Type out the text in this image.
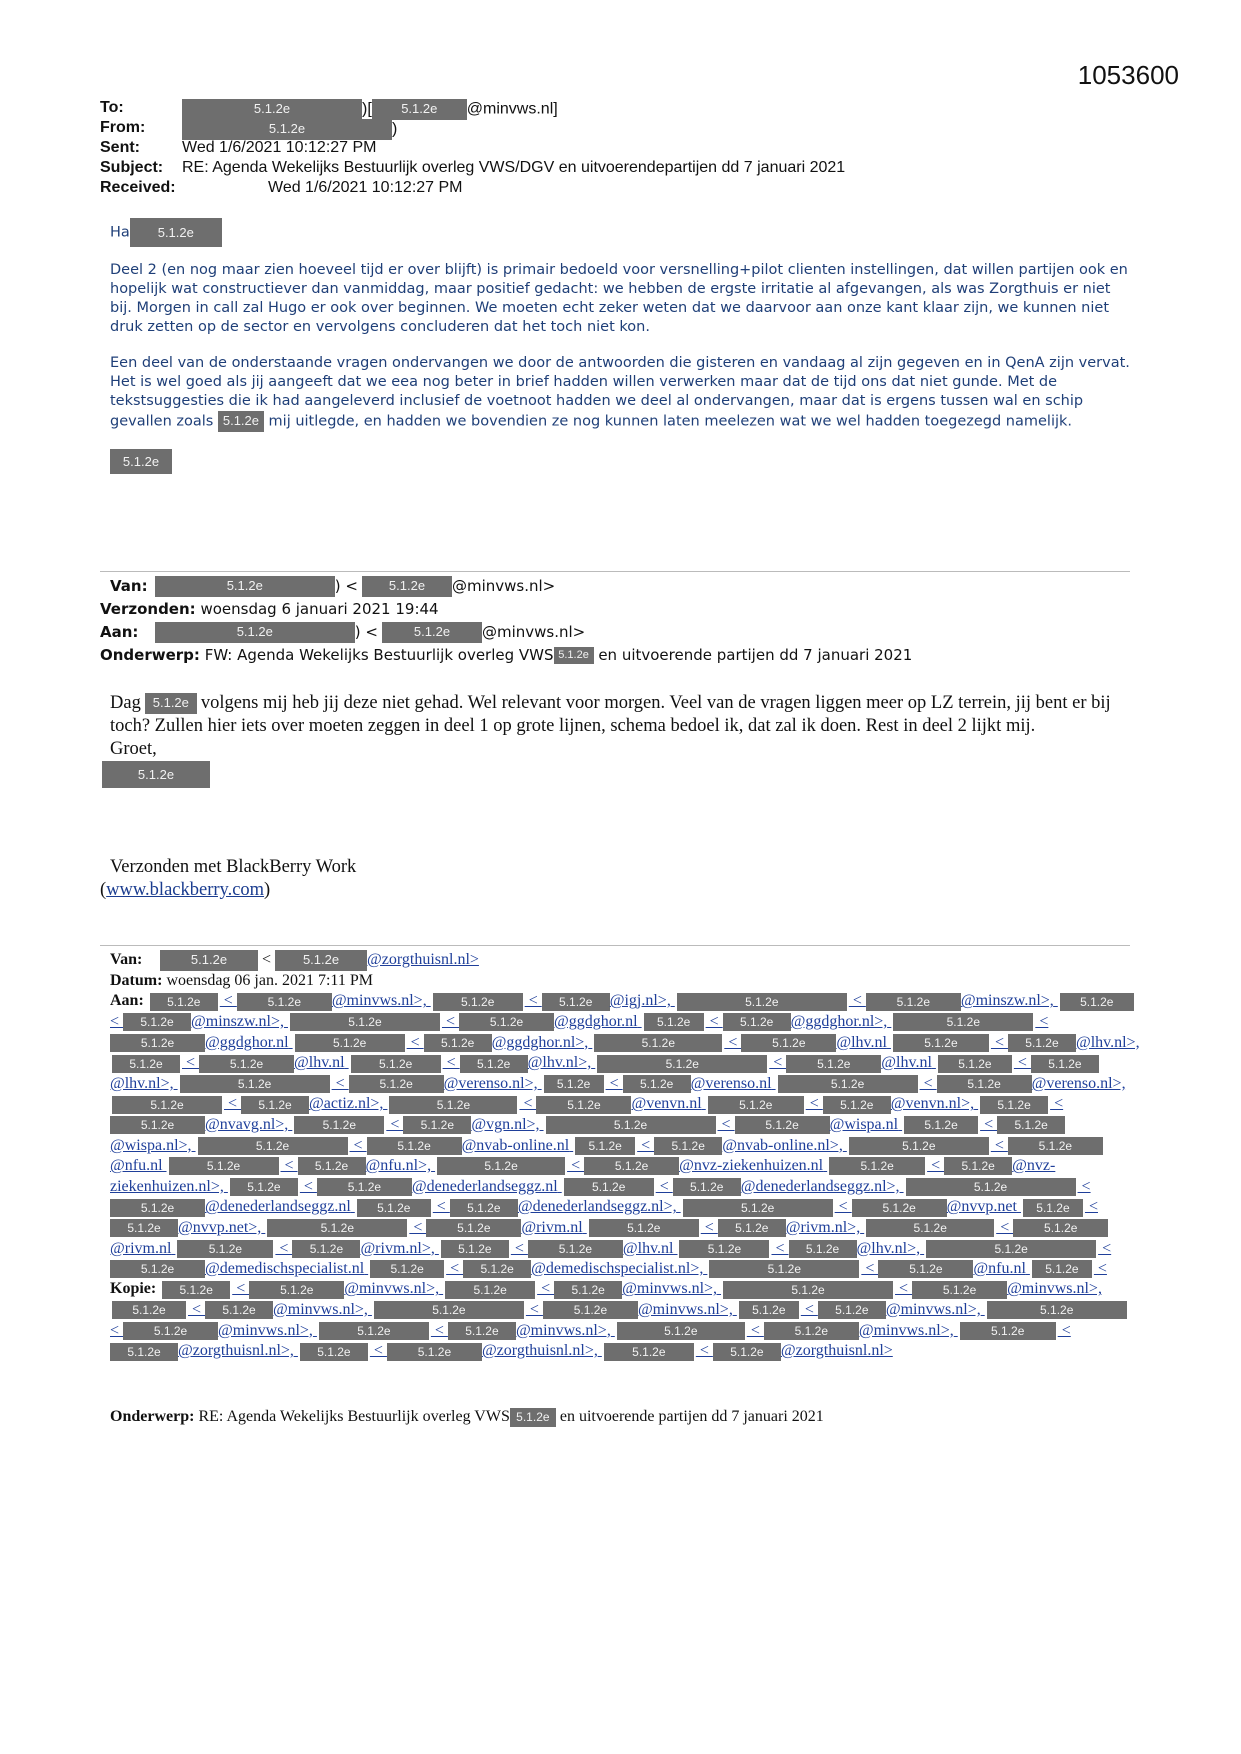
1053600
To:	5.1.2e	)[ 5.1.2e @minvws.nl]
From:	5.1.2e	)
Sent:	Wed 1/6/2021 10:12:27 PM
Subject: RE: Agenda Wekelijks Bestuurlijk overleg VWS/DGV en uitvoerendepartijen dd 7 januari 2021
Received:	Wed 1/6/2021 10:12:27 PM

Ha 5.1.2e

Deel 2 (en nog maar zien hoeveel tijd er over blijft) is primair bedoeld voor versnelling+pilot clienten instellingen, dat willen partijen ook en hopelijk wat constructiever dan vanmiddag, maar positief gedacht: we hebben de ergste irritatie al afgevangen, als was Zorgthuis er niet bij. Morgen in call zal Hugo er ook over beginnen. We moeten echt zeker weten dat we daarvoor aan onze kant klaar zijn, we kunnen niet druk zetten op de sector en vervolgens concluderen dat het toch niet kon.

Een deel van de onderstaande vragen ondervangen we door de antwoorden die gisteren en vandaag al zijn gegeven en in QenA zijn vervat.

Het is wel goed als jij aangeeft dat we eea nog beter in brief hadden willen verwerken maar dat de tijd ons dat niet gunde. Met de tekstsuggesties die ik had aangeleverd inclusief de voetnoot hadden we deel al ondervangen, maar dat is ergens tussen wal en schip gevallen zoals 5.1.2e mij uitlegde, en hadden we bovendien ze nog kunnen laten meelezen wat we wel hadden toegezegd namelijk.

5.1.2e

Van:	5.1.2e	) < 5.1.2e @minvws.nl>
Verzonden: woensdag 6 januari 2021 19:44
Aan:	5.1.2e	) <	5.1.2e @minvws.nl>
Onderwerp: FW: Agenda Wekelijks Bestuurlijk overleg VWS 5.1.2e en uitvoerende partijen dd 7 januari 2021

Dag 5.1.2e volgens mij heb jij deze niet gehad. Wel relevant voor morgen. Veel van de vragen liggen meer op LZ terrein, jij bent er bij toch? Zullen hier iets over moeten zeggen in deel 1 op grote lijnen, schema bedoel ik, dat zal ik doen. Rest in deel 2 lijkt mij.

Groet,

5.1.2e

Verzonden met BlackBerry Work
(www.blackberry.com)
Van:	5.1.2e < 5.1.2e @zorgthuisnl.nl>
Datum: woensdag 06 jan. 2021 7:11 PM
Aan: 5.1.2e <	5.1.2e @minvws.nl>,	5.1.2e < 5.1.2e @igj.nl>,	5.1.2e	<	5.1.2e @minszw.nl>, 5.1.2e < 5.1.2e @minszw.nl>,	5.1.2e	<	5.1.2e @ggdghor.nl 5.1.2e < 5.1.2e @ggdghor.nl>,	5.1.2e	< 5.1.2e @ggdghor.nl	5.1.2e	< 5.1.2e @ggdghor.nl>,	5.1.2e	<	5.1.2e @lhv.nl	5.1.2e < 5.1.2e @lhv.nl>, 5.1.2e <	5.1.2e @lhv.nl	5.1.2e < 5.1.2e @lhv.nl>,	5.1.2e	<	5.1.2e @lhv.nl 5.1.2e < 5.1.2e@lhv.nl>,	5.1.2e	<	5.1.2e @verenso.nl>, 5.1.2e < 5.1.2e @verenso.nl	5.1.2e	<	5.1.2e @verenso.nl>, 5.1.2e	< 5.1.2e @actiz.nl>,	5.1.2e	<	5.1.2e @venvn.nl	5.1.2e < 5.1.2e @venvn.nl>, 5.1.2e < 5.1.2e @nvavg.nl>,	5.1.2e < 5.1.2e @vgn.nl>,	5.1.2e	<	5.1.2e @wispa.nl 5.1.2e < 5.1.2e@wispa.nl>,	5.1.2e	<	5.1.2e @nvab-online.nl 5.1.2e < 5.1.2e @nvab-online.nl>,	5.1.2e	<	5.1.2e@nfu.nl	5.1.2e	< 5.1.2e @nfu.nl>,	5.1.2e	<	5.1.2e @nvz-ziekenhuizen.nl	5.1.2e < 5.1.2e @nvz-ziekenhuizen.nl>, 5.1.2e <	5.1.2e @denederlandseggz.nl	5.1.2e < 5.1.2e @denederlandseggz.nl>,	5.1.2e	< 5.1.2e @denederlandseggz.nl 5.1.2e < 5.1.2e @denederlandseggz.nl>,	5.1.2e	<	5.1.2e @nvvp.net 5.1.2e < 5.1.2e @nvvp.net>,	5.1.2e	<	5.1.2e @rivm.nl	5.1.2e	< 5.1.2e @rivm.nl>,	5.1.2e	<	5.1.2e@rivm.nl	5.1.2e < 5.1.2e @rivm.nl>, 5.1.2e <	5.1.2e @lhv.nl	5.1.2e < 5.1.2e @lhv.nl>,	5.1.2e	< 5.1.2e @demedischspecialist.nl 5.1.2e < 5.1.2e @demedischspecialist.nl>,	5.1.2e	<	5.1.2e @nfu.nl 5.1.2e <
Kopie: 5.1.2e <	5.1.2e @minvws.nl>,	5.1.2e < 5.1.2e @minvws.nl>,	5.1.2e	<	5.1.2e @minvws.nl>, 5.1.2e < 5.1.2e @minvws.nl>,	5.1.2e	<	5.1.2e @minvws.nl>, 5.1.2e < 5.1.2e @minvws.nl>,	5.1.2e <	5.1.2e @minvws.nl>,	5.1.2e	< 5.1.2e @minvws.nl>,	5.1.2e	<	5.1.2e @minvws.nl>,	5.1.2e < 5.1.2e @zorgthuisnl.nl>, 5.1.2e <	5.1.2e @zorgthuisnl.nl>,	5.1.2e < 5.1.2e @zorgthuisnl.nl>
Onderwerp: RE: Agenda Wekelijks Bestuurlijk overleg VWS 5.1.2e en uitvoerende partijen dd 7 januari 2021
